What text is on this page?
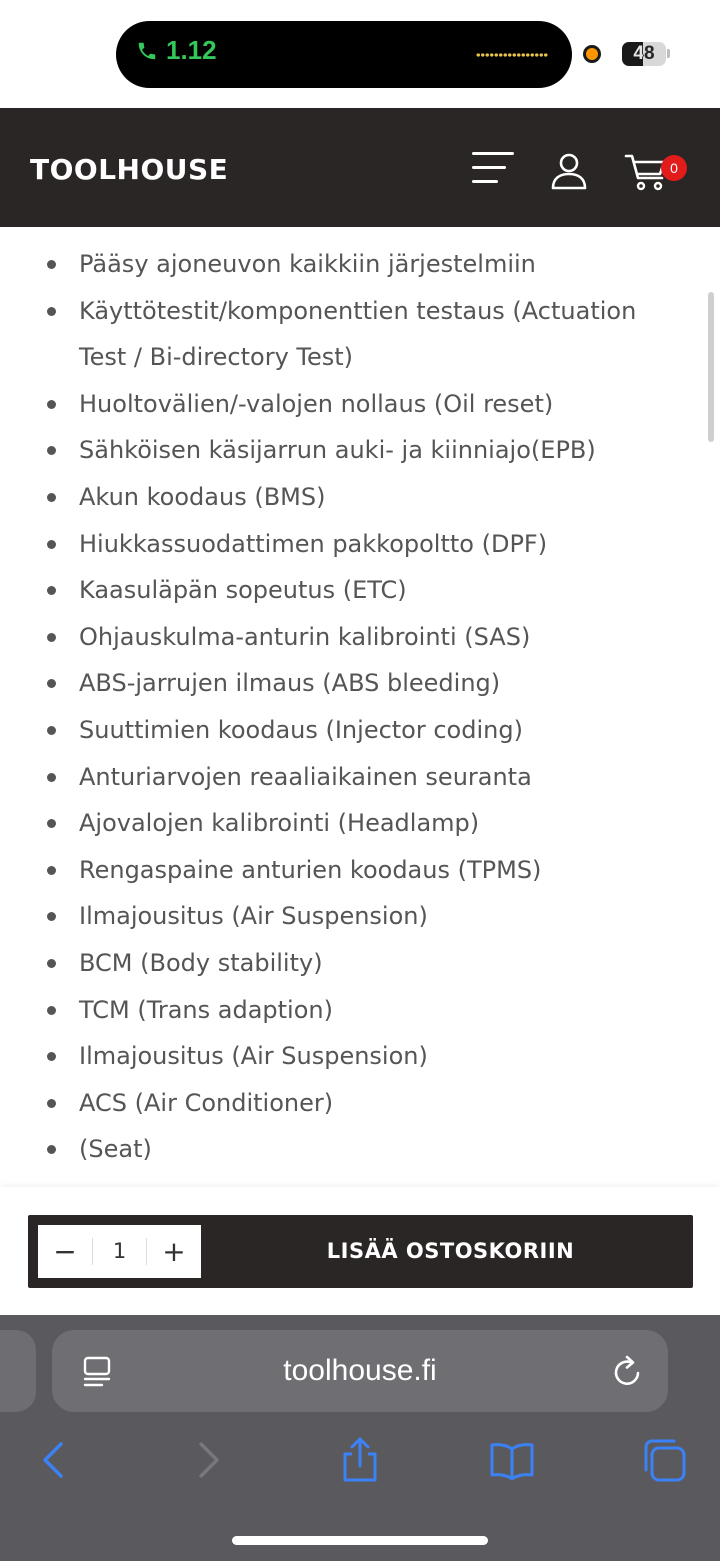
1.12	48
TOOLHOUSE	0
Pääsy ajoneuvon kaikkiin järjestelmiin
Käyttötestit/komponenttien testaus (Actuation Test / Bi-directory Test)
Huoltovälien/-valojen nollaus (Oil reset)
Sähköisen käsijarrun auki- ja kiinniajo(EPB)
Akun koodaus (BMS)
Hiukkassuodattimen pakkopoltto (DPF)
Kaasuläpän sopeutus (ETC)
Ohjauskulma-anturin kalibrointi (SAS)
ABS-jarrujen ilmaus (ABS bleeding)
Suuttimien koodaus (Injector coding)
Anturiarvojen reaaliaikainen seuranta
Ajovalojen kalibrointi (Headlamp)
Rengaspaine anturien koodaus (TPMS)
Ilmajousitus (Air Suspension)
BCM (Body stability)
TCM (Trans adaption)
Ilmajousitus (Air Suspension)
ACS (Air Conditioner)
(Seat)
−	1	+	LISÄÄ OSTOSKORIIN
toolhouse.fi
